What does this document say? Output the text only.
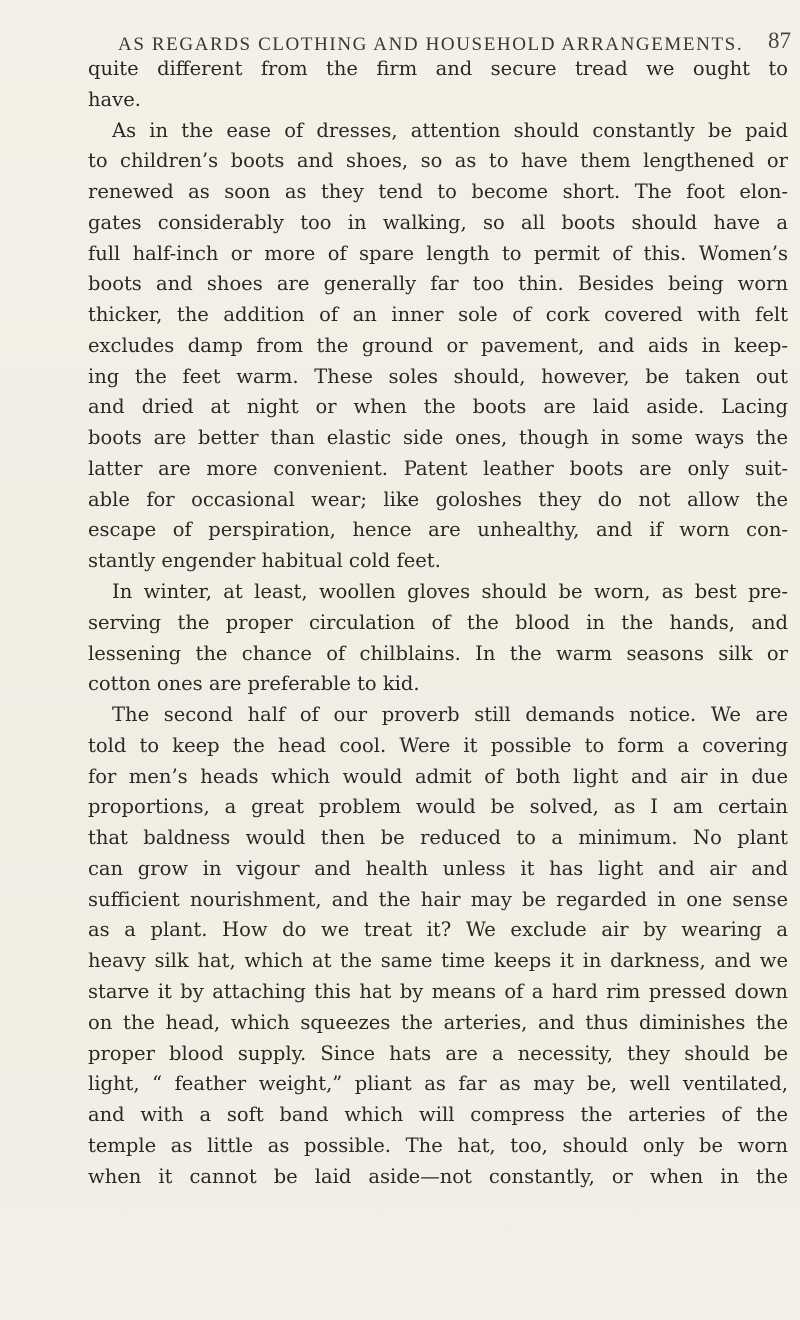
AS REGARDS CLOTHING AND HOUSEHOLD ARRANGEMENTS. 87
quite different from the firm and secure tread we ought to
have.
As in the ease of dresses, attention should constantly be paid
to children’s boots and shoes, so as to have them lengthened or
renewed as soon as they tend to become short. The foot elon-
gates considerably too in walking, so all boots should have a
full half-inch or more of spare length to permit of this. Women’s
boots and shoes are generally far too thin. Besides being worn
thicker, the addition of an inner sole of cork covered with felt
excludes damp from the ground or pavement, and aids in keep-
ing the feet warm. These soles should, however, be taken out
and dried at night or when the boots are laid aside. Lacing
boots are better than elastic side ones, though in some ways the
latter are more convenient. Patent leather boots are only suit-
able for occasional wear; like goloshes they do not allow the
escape of perspiration, hence are unhealthy, and if worn con-
stantly engender habitual cold feet.
In winter, at least, woollen gloves should be worn, as best pre-
serving the proper circulation of the blood in the hands, and
lessening the chance of chilblains. In the warm seasons silk or
cotton ones are preferable to kid.
The second half of our proverb still demands notice. We are
told to keep the head cool. Were it possible to form a covering
for men’s heads which would admit of both light and air in due
proportions, a great problem would be solved, as I am certain
that baldness would then be reduced to a minimum. No plant
can grow in vigour and health unless it has light and air and
sufficient nourishment, and the hair may be regarded in one sense
as a plant. How do we treat it? We exclude air by wearing a
heavy silk hat, which at the same time keeps it in darkness, and we
starve it by attaching this hat by means of a hard rim pressed down
on the head, which squeezes the arteries, and thus diminishes the
proper blood supply. Since hats are a necessity, they should be
light, “ feather weight,” pliant as far as may be, well ventilated,
and with a soft band which will compress the arteries of the
temple as little as possible. The hat, too, should only be worn
when it cannot be laid aside—not constantly, or when in the
